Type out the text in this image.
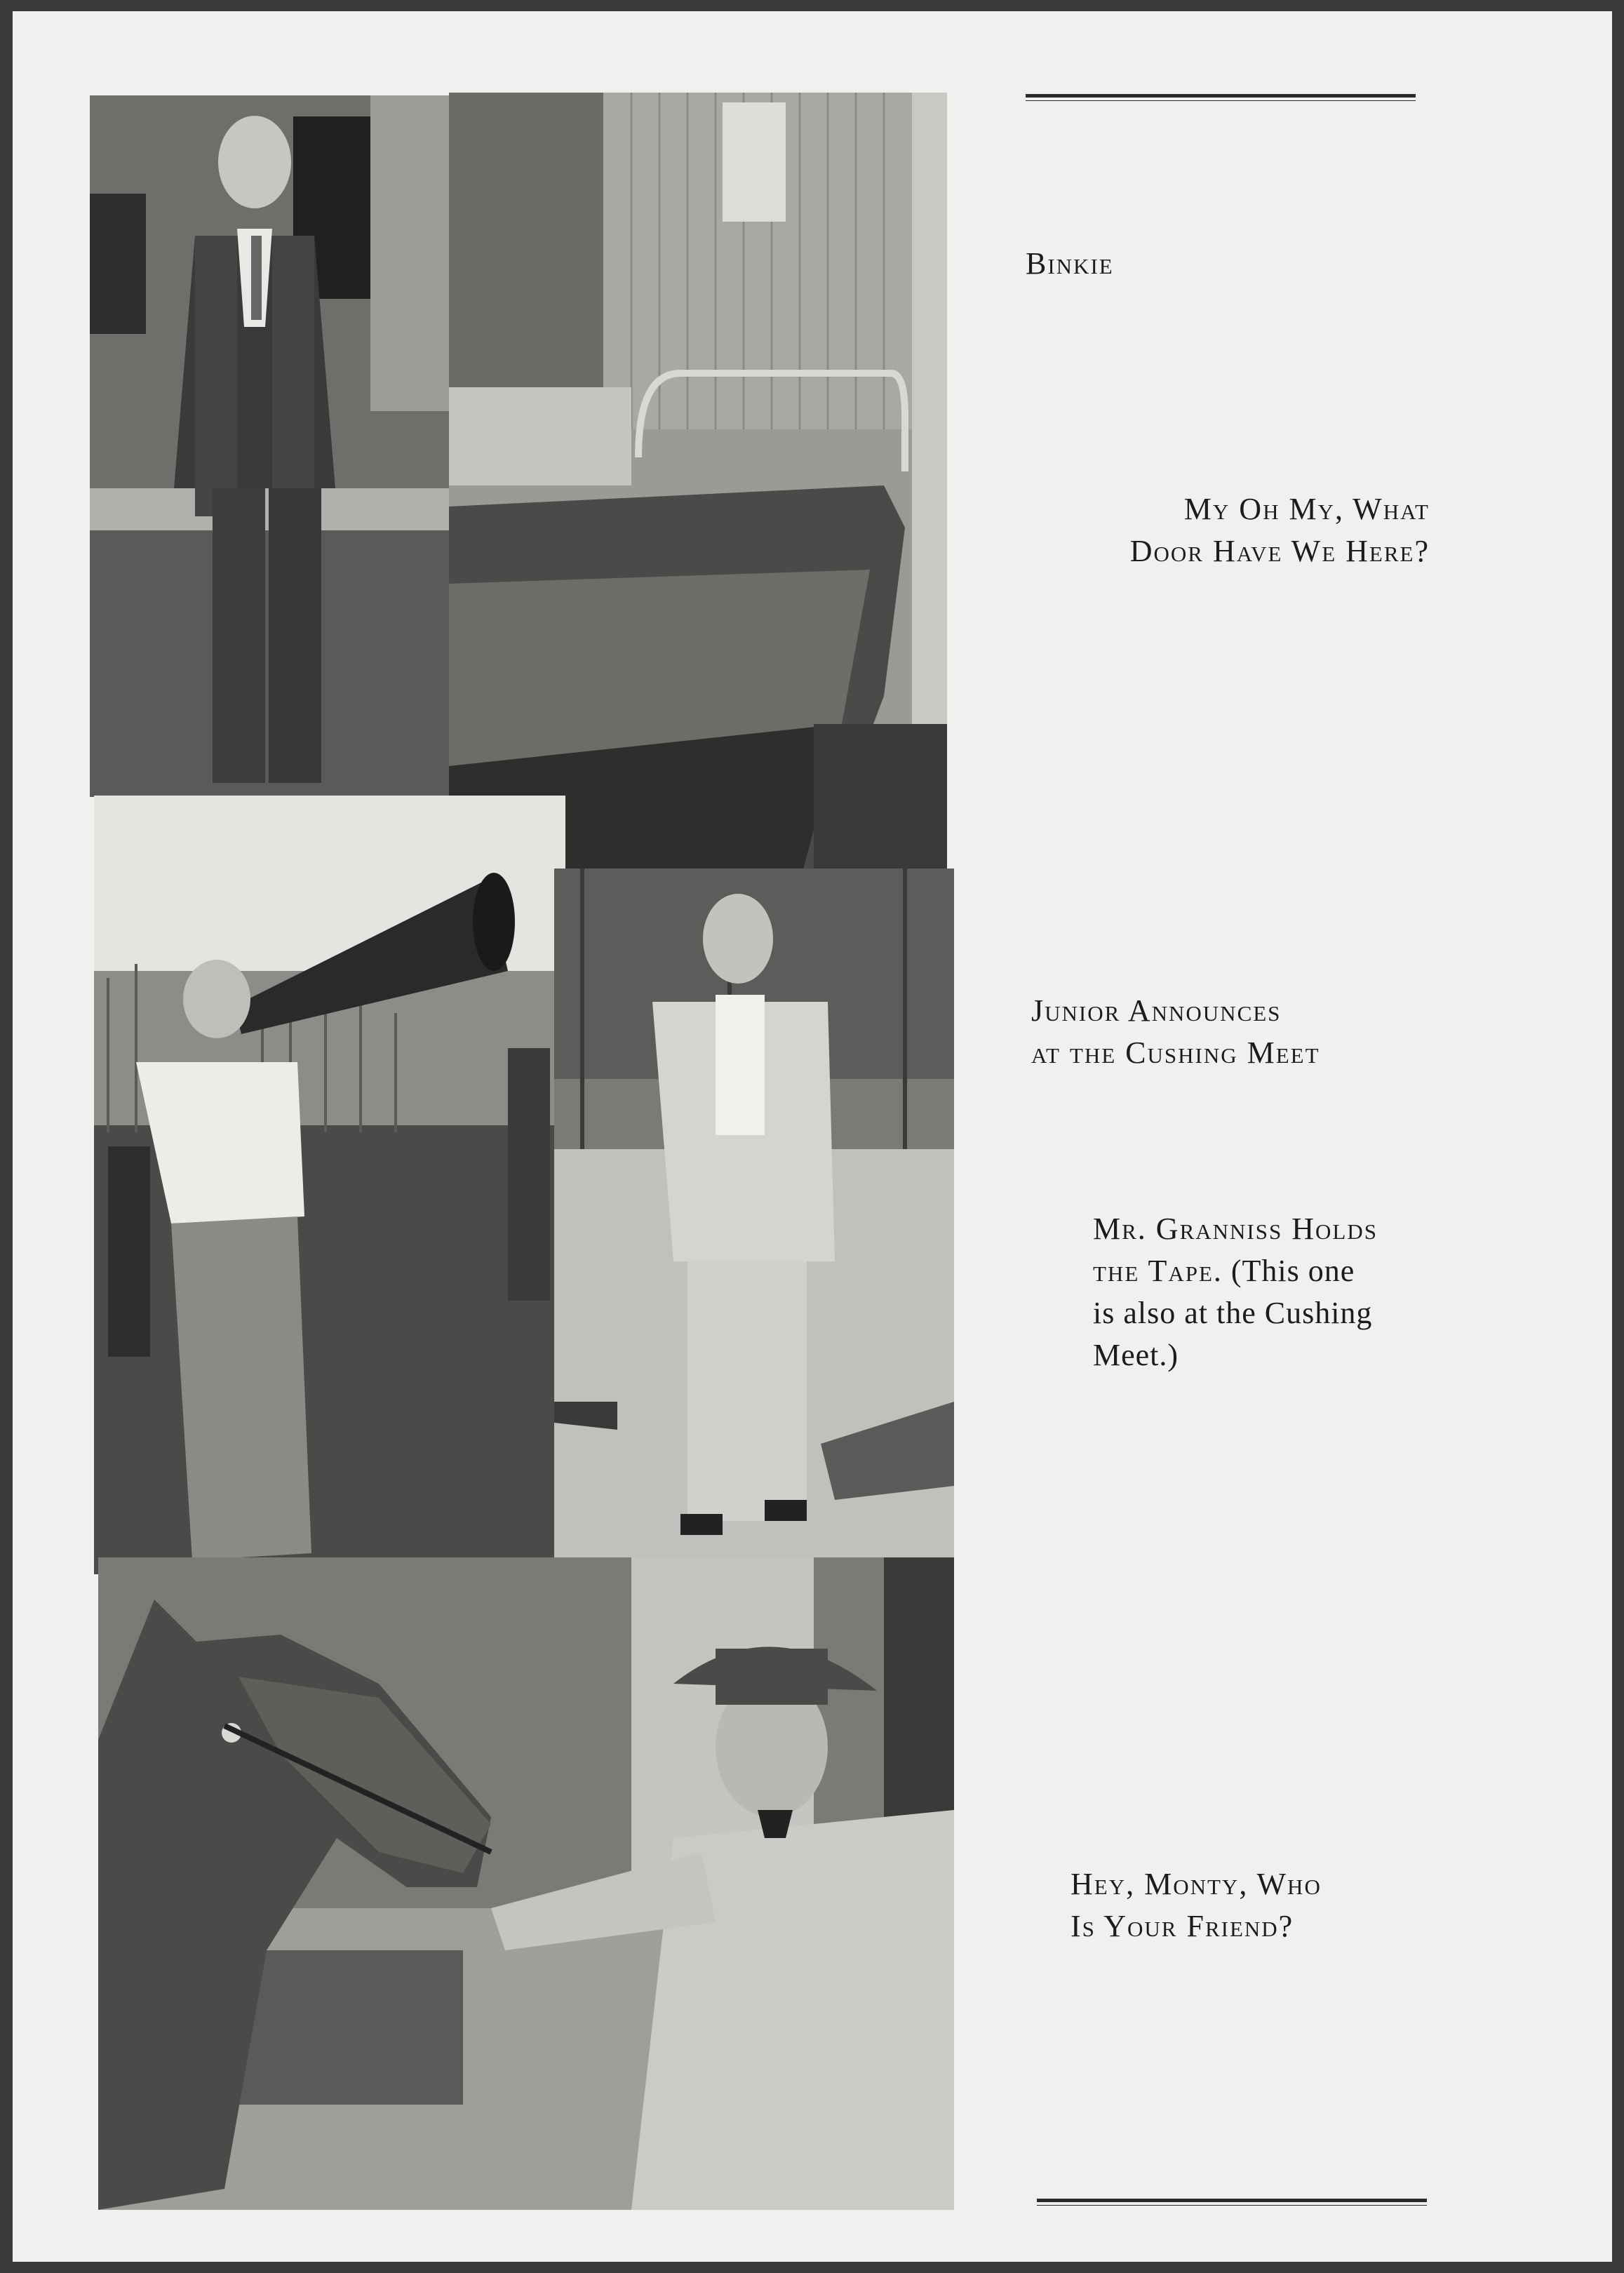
Binkie
My Oh My, What
Door Have We Here?
Junior Announces
at the Cushing Meet
Mr. Granniss Holds
the Tape. (This one
is also at the Cushing
Meet.)
Hey, Monty, Who
Is Your Friend?
